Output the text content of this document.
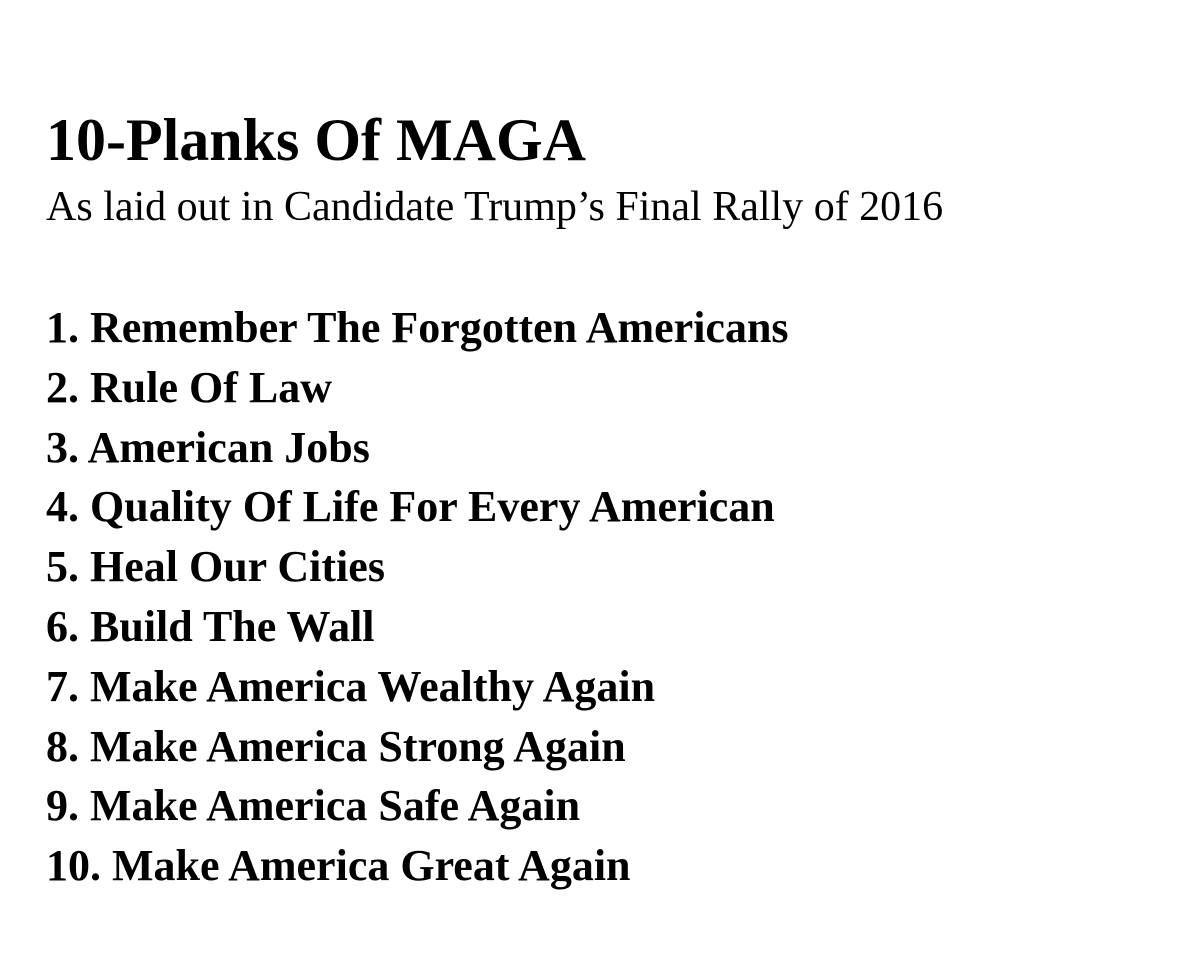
10-Planks Of MAGA

As laid out in Candidate Trump’s Final Rally of 2016

1. Remember The Forgotten Americans
2. Rule Of Law
3. American Jobs
4. Quality Of Life For Every American
5. Heal Our Cities
6. Build The Wall
7. Make America Wealthy Again
8. Make America Strong Again
9. Make America Safe Again
10. Make America Great Again
